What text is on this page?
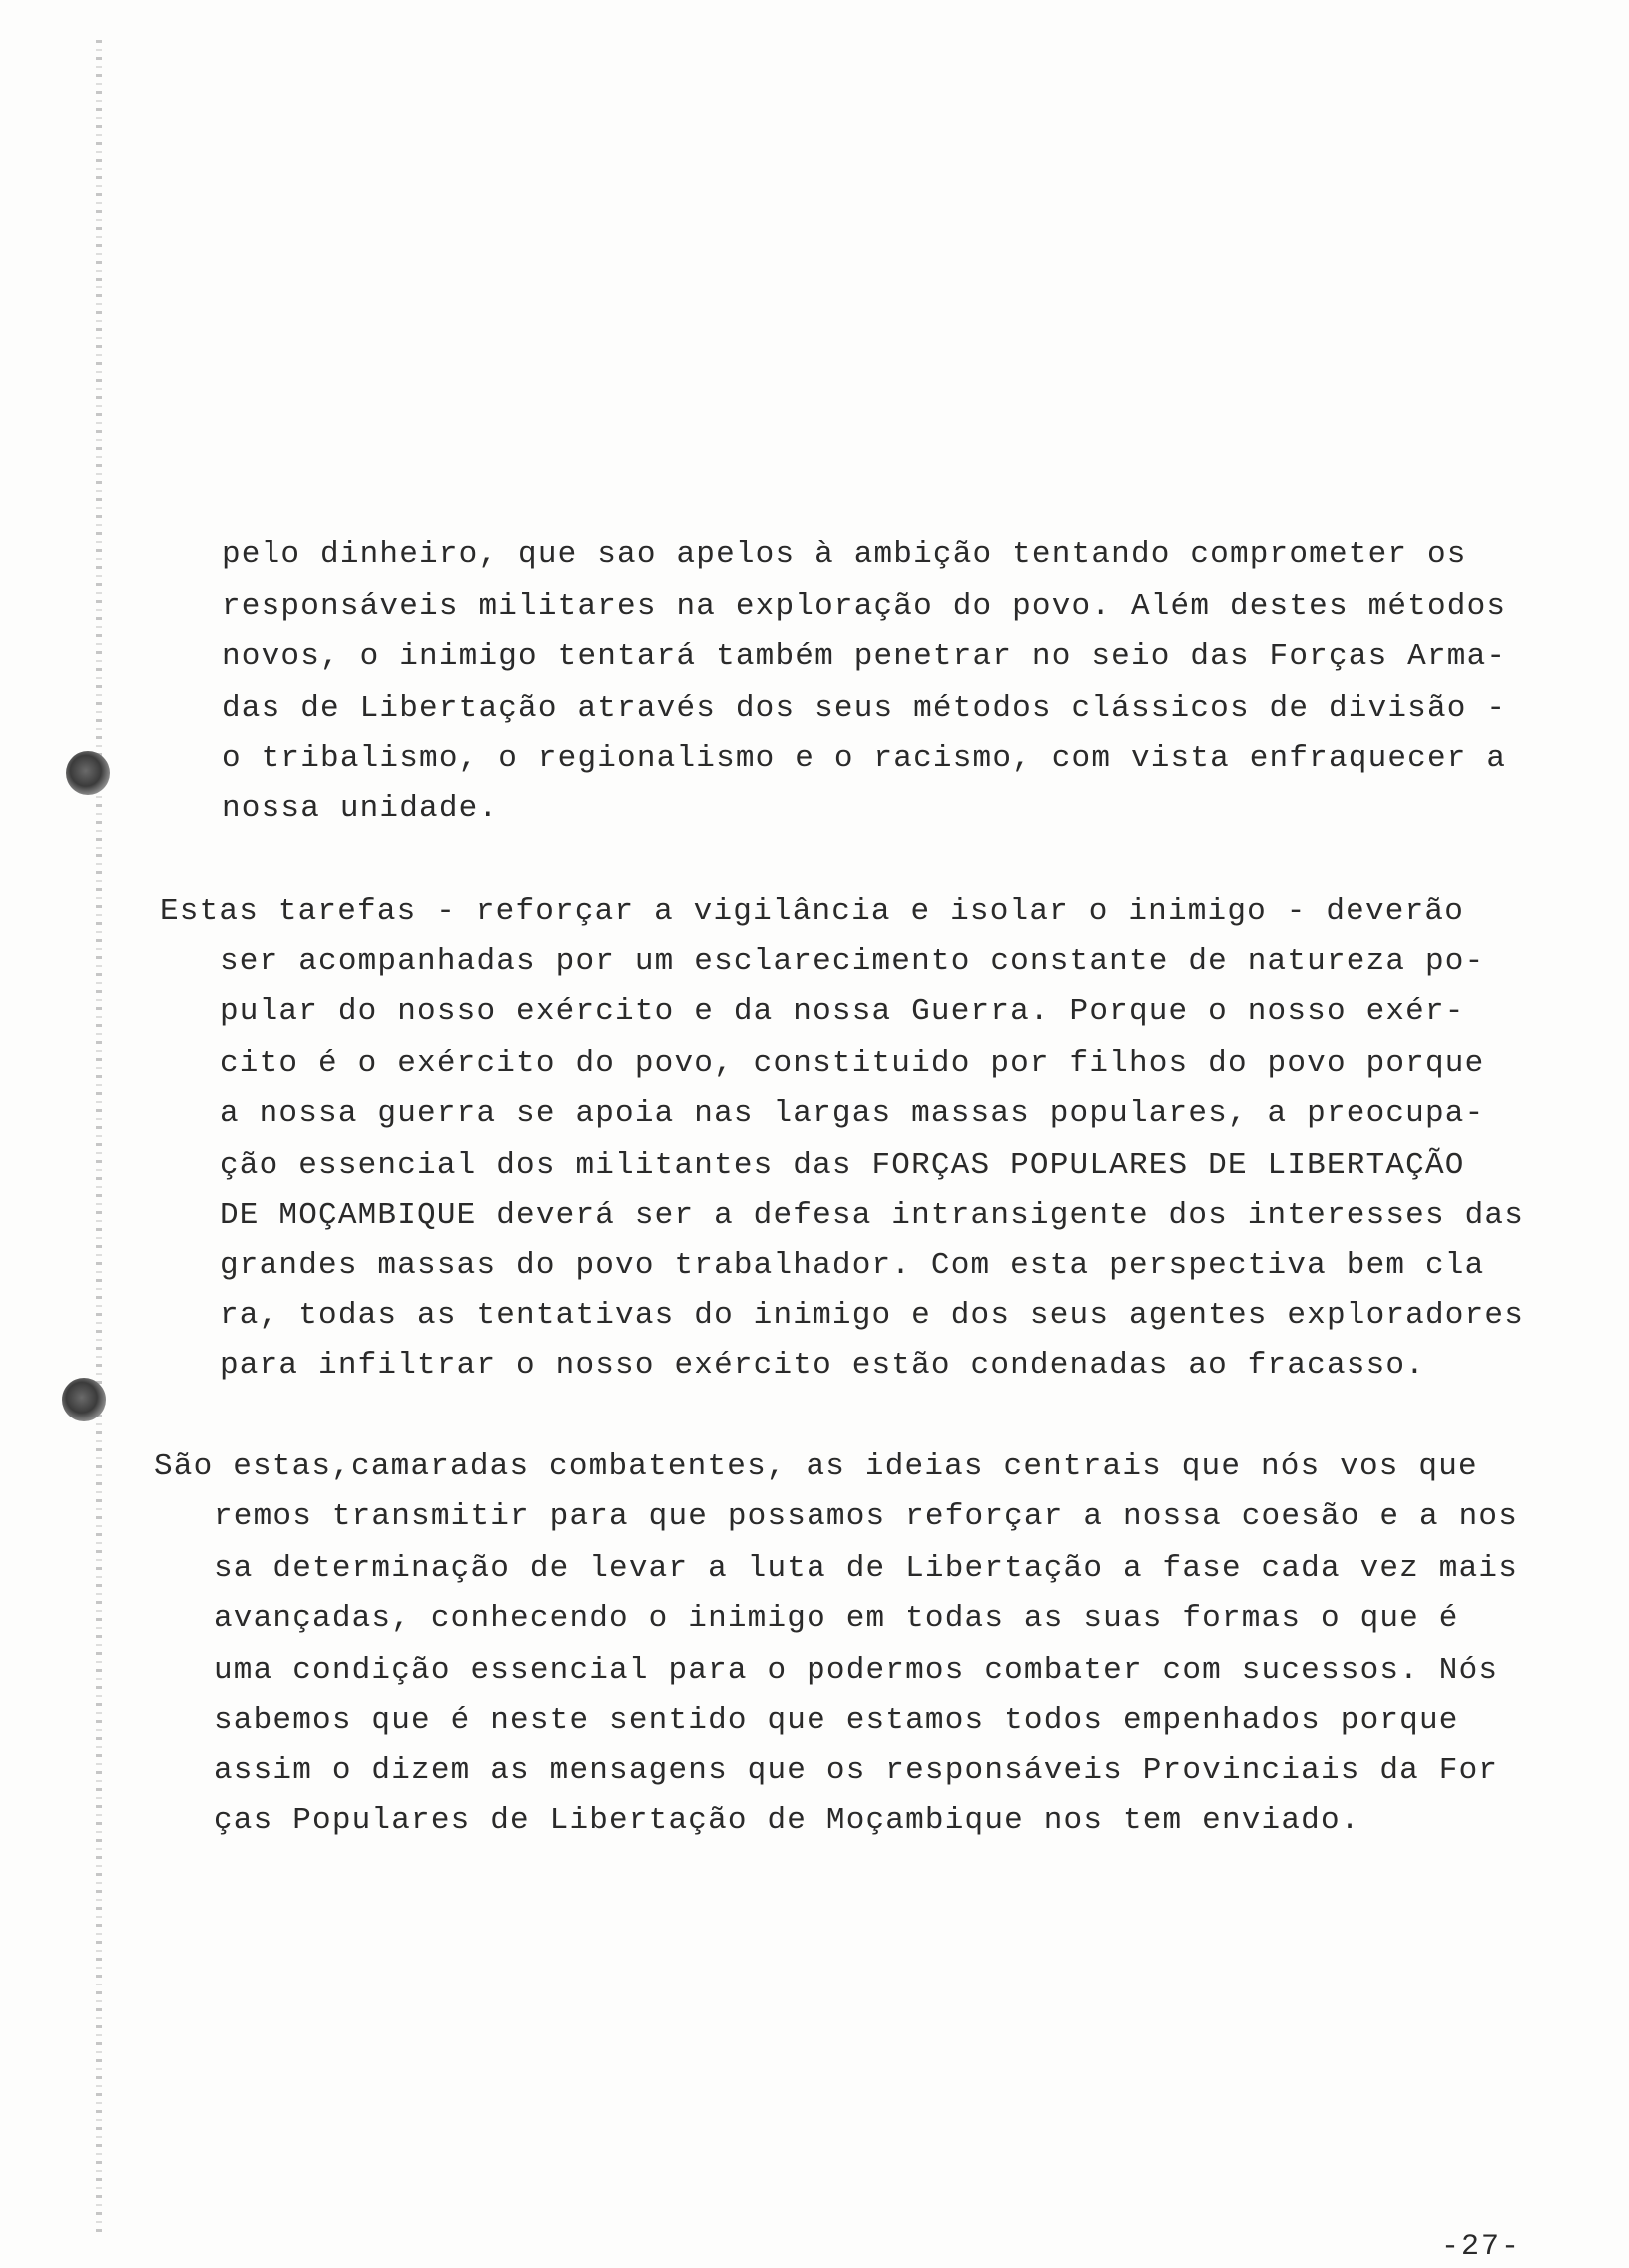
pelo dinheiro, que sao apelos à ambição tentando comprometer os
responsáveis militares na exploração do povo. Além destes métodos
novos, o inimigo tentará também penetrar no seio das Forças Arma-
das de Libertação através dos seus métodos clássicos de divisão -
o tribalismo, o regionalismo e o racismo, com vista enfraquecer a
nossa unidade.
Estas tarefas - reforçar a vigilância e isolar o inimigo - deverão
ser acompanhadas por um esclarecimento constante de natureza po-
pular do nosso exército e da nossa Guerra. Porque o nosso exér-
cito é o exército do povo, constituido por filhos do povo porque
a nossa guerra se apoia nas largas massas populares, a preocupa-
ção essencial dos militantes das FORÇAS POPULARES DE LIBERTAÇÃO
DE MOÇAMBIQUE deverá ser a defesa intransigente dos interesses das
grandes massas do povo trabalhador. Com esta perspectiva bem cla
ra, todas as tentativas do inimigo e dos seus agentes exploradores
para infiltrar o nosso exército estão condenadas ao fracasso.
São estas,camaradas combatentes, as ideias centrais que nós vos que
remos transmitir para que possamos reforçar a nossa coesão e a nos
sa determinação de levar a luta de Libertação a fase cada vez mais
avançadas, conhecendo o inimigo em todas as suas formas o que é
uma condição essencial para o podermos combater com sucessos. Nós
sabemos que é neste sentido que estamos todos empenhados porque
assim o dizem as mensagens que os responsáveis Provinciais da For
ças Populares de Libertação de Moçambique nos tem enviado.
-27-
